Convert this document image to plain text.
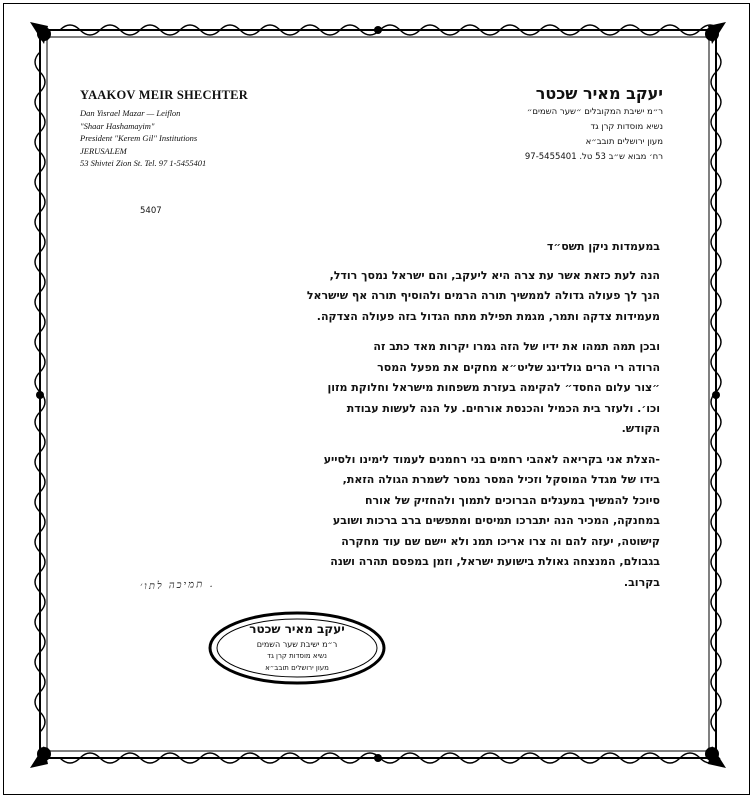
YAAKOV MEIR SHECHTER
Dan Yisrael Mazar — Leiflon
"Shaar Hashamayim"
President "Kerem Gil" Institutions
JERUSALEM
53 Shivtei Zion St. Tel. 97 1-5455401
יעקב מאיר שכטר
ר״מ ישיבת המקובלים ״שער השמים״
נשיא מוסדות קרן גד
מעון ירושלים תובב״א
רח׳ מבוא ש״ב 53 טל. 97-5455401
5407

במעמדות ניקן תשס״ד

הנה לעת כזאת אשר עת צרה היא ליעקב, והם ישראל נמסך רודל,
הנך לך פעולה גדולה לממשיך תורה הרמים ולהוסיף תורה אף שישראל
מעמידות צדקה ותמר, מגמת תפילת מתח הגדול בזה פעולה הצדקה.
ובכן תמה תמהו את ידיו של הזה גמרו יקרות מאד כתב זה
הרודה רי הרים גולדינג שליט״א מחקים את מפעל המסר
״צור עלום החסד״ להקימה בעזרת משפחות מישראל וחלוקת מזון
וכו׳. ולעזר בית הכמיל והכנסת אורחים. על הנה לעשות עבודת
הקודש.
-הצלת אני בקריאה לאהבי רחמים בני רחמנים לעמוד לימינו ולסייע
בידו של מגדל המוסקל וזכיל המסר נמסר לשמרת הגולה הזאת,
סיוכל להמשיך במעגלים הברוכים לתמוך ולהחזיק של אורח
במחנקה, המכיר הנה יתברכו תמיסים ומתפשים ברב ברכות ושובע
קישוטה, יעזה להם וה צרו אריכו תמנ ולא יישם שם עוד מחקרה
בגבולם, המנצחה גאולת בישועת ישראל, וזמן במפסם תהרה ושנה
בקרוב.
תמיכה לתו׳ .
יעקב מאיר שכטר
ר״מ ישיבת שער השמים
נשיא מוסדות קרן גד
מעון ירושלים תובב״א
